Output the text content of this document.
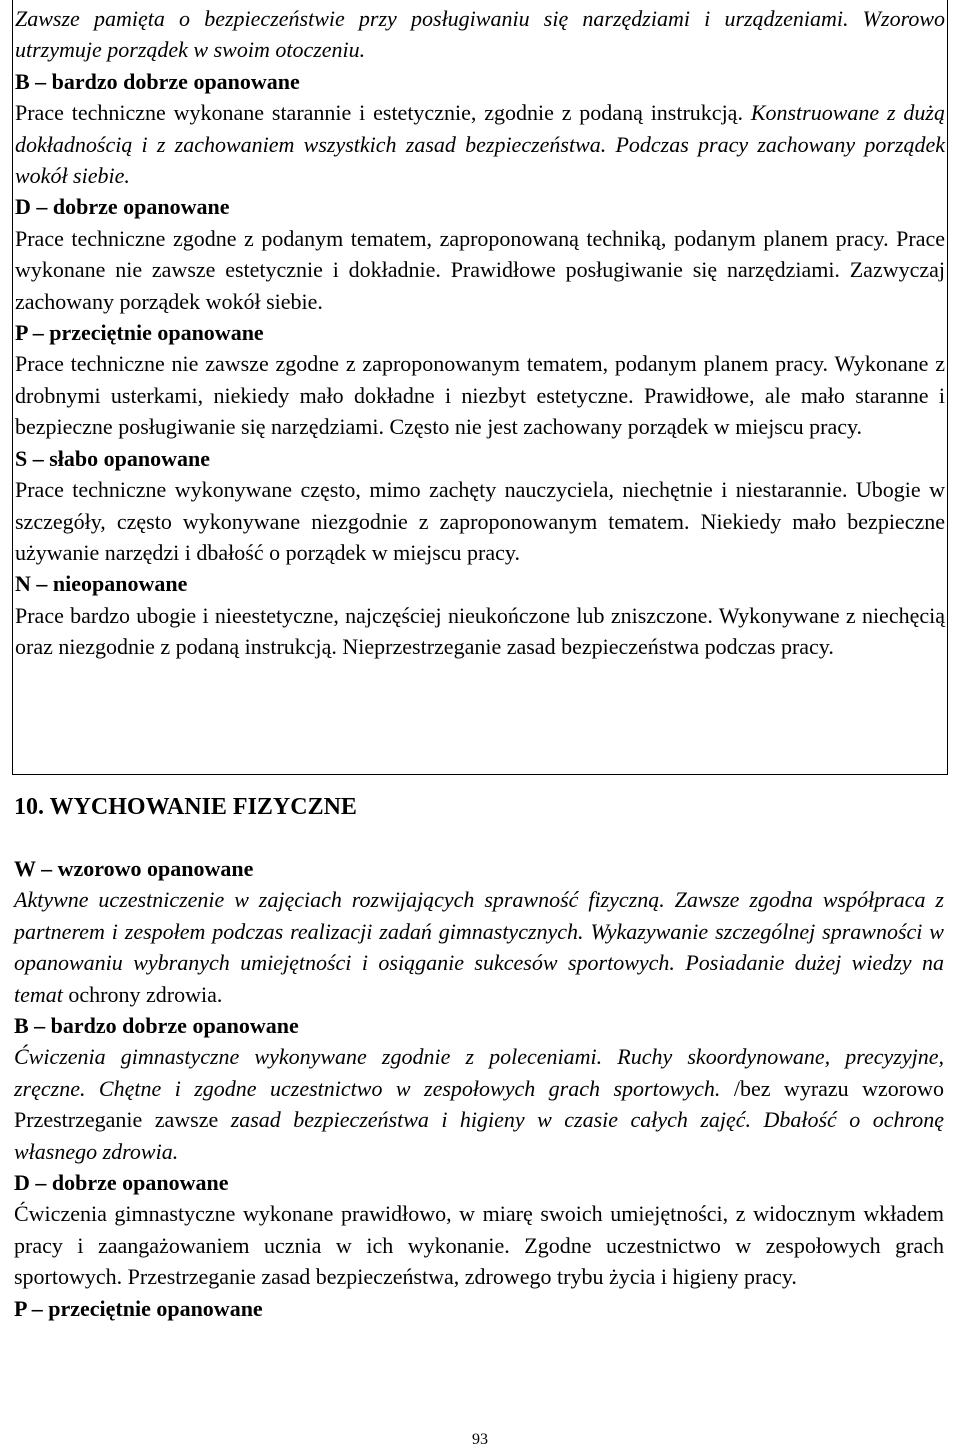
Zawsze pamiętа o bezpieczeństwie przy posługiwaniu się narzędziami i urządzeniami. Wzorowo utrzymuje porządek w swoim otoczeniu.

B – bardzo dobrze opanowane

Prace techniczne wykonane starannie i estetycznie, zgodnie z podaną instrukcją. Konstruowane z dużą dokładnością i z zachowaniem wszystkich zasad bezpieczeństwa. Podczas pracy zachowany porządek wokół siebie.

D – dobrze opanowane

Prace techniczne zgodne z podanym tematem, zaproponowaną techniką, podanym planem pracy. Prace wykonane nie zawsze estetycznie i dokładnie. Prawidłowe posługiwanie się narzędziami. Zazwyczaj zachowany porządek wokół siebie.

P – przeciętnie opanowane

Prace techniczne nie zawsze zgodne z zaproponowanym tematem, podanym planem pracy. Wykonane z drobnymi usterkami, niekiedy mało dokładne i niezbyt estetyczne. Prawidłowe, ale mało staranne i bezpieczne posługiwanie się narzędziami. Często nie jest zachowany porządek w miejscu pracy.

S – słabo opanowane

Prace techniczne wykonywane często, mimo zachęty nauczyciela, niechętnie i niestarannie. Ubogie w szczegóły, często wykonywane niezgodnie z zaproponowanym tematem. Niekiedy mało bezpieczne używanie narzędzi i dbałość o porządek w miejscu pracy.

N – nieopanowane

Prace bardzo ubogie i nieestetyczne, najczęściej nieukończone lub zniszczone. Wykonywane z niechęcią oraz niezgodnie z podaną instrukcją. Nieprzestrzeganie zasad bezpieczeństwa podczas pracy.

10. WYCHOWANIE FIZYCZNE

W – wzorowo opanowane

Aktywne uczestniczenie w zajęciach rozwijających sprawność fizyczną. Zawsze zgodna współpraca z partnerem i zespołem podczas realizacji zadań gimnastycznych. Wykazywanie szczególnej sprawności w opanowaniu wybranych umiejętności i osiąganie sukcesów sportowych. Posiadanie dużej wiedzy na temat ochrony zdrowia.

B – bardzo dobrze opanowane

Ćwiczenia gimnastyczne wykonywane zgodnie z poleceniami. Ruchy skoordynowane, precyzyjne, zręczne. Chętne i zgodne uczestnictwo w zespołowych grach sportowych. /bez wyrazu wzorowo Przestrzeganie zawsze zasad bezpieczeństwa i higieny w czasie całych zajęć. Dbałość o ochronę własnego zdrowia.

D – dobrze opanowane

Ćwiczenia gimnastyczne wykonane prawidłowo, w miarę swoich umiejętności, z widocznym wkładem pracy i zaangażowaniem ucznia w ich wykonanie. Zgodne uczestnictwo w zespołowych grach sportowych. Przestrzeganie zasad bezpieczeństwa, zdrowego trybu życia i higieny pracy.

P – przeciętnie opanowane

93
